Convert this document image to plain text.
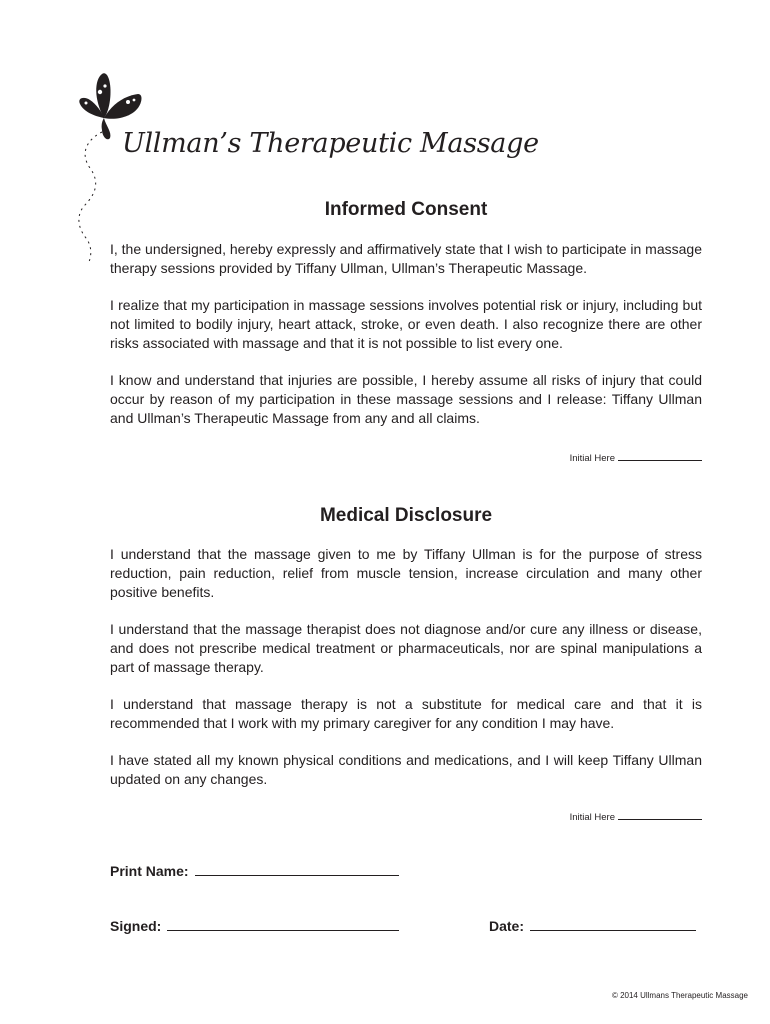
Ullman’s Therapeutic Massage
Informed Consent

I, the undersigned, hereby expressly and affirmatively state that I wish to participate in massage therapy sessions provided by Tiffany Ullman, Ullman’s Therapeutic Massage.

I realize that my participation in massage sessions involves potential risk or injury, including but not limited to bodily injury, heart attack, stroke, or even death. I also recognize there are other risks associated with massage and that it is not possible to list every one.

I know and understand that injuries are possible, I hereby assume all risks of injury that could occur by reason of my participation in these massage sessions and I release: Tiffany Ullman and Ullman’s Therapeutic Massage from any and all claims.

Initial Here
Medical Disclosure

I understand that the massage given to me by Tiffany Ullman is for the purpose of stress reduction, pain reduction, relief from muscle tension, increase circulation and many other positive benefits.

I understand that the massage therapist does not diagnose and/or cure any illness or disease, and does not prescribe medical treatment or pharmaceuticals, nor are spinal manipulations a part of massage therapy.

I understand that massage therapy is not a substitute for medical care and that it is recommended that I work with my primary caregiver for any condition I may have.

I have stated all my known physical conditions and medications, and I will keep Tiffany Ullman updated on any changes.

Initial Here
Print Name:
Signed:	Date:
© 2014 Ullmans Therapeutic Massage
